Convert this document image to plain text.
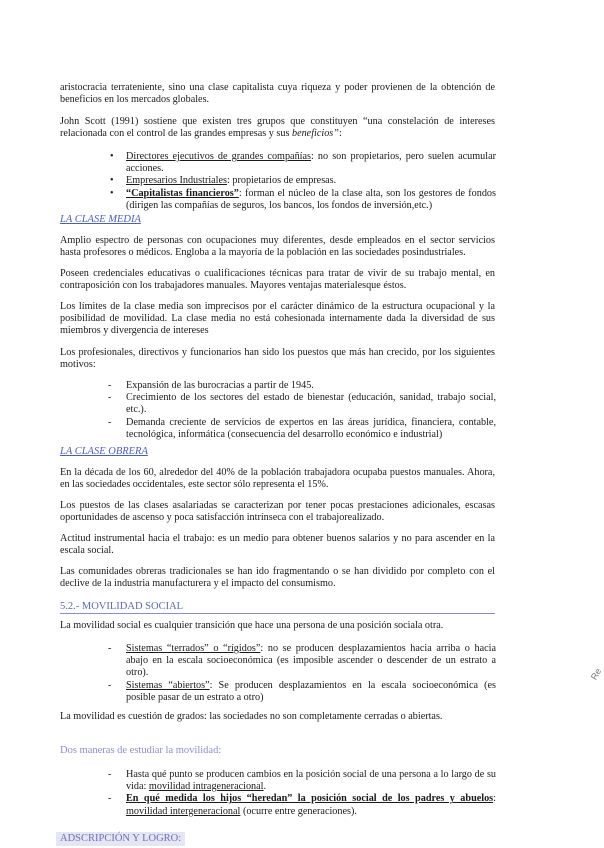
aristocracia terrateniente, sino una clase capitalista cuya riqueza y poder provienen de la obtención de beneficios en los mercados globales.

John Scott (1991) sostiene que existen tres grupos que constituyen “una constelación de intereses relacionada con el control de las grandes empresas y sus beneficios”:

• Directores ejecutivos de grandes compañías: no son propietarios, pero suelen acumular acciones.
• Empresarios Industriales: propietarios de empresas.
• “Capitalistas financieros”: forman el núcleo de la clase alta, son los gestores de fondos (dirigen las compañías de seguros, los bancos, los fondos de inversión,etc.)

LA CLASE MEDIA

Amplio espectro de personas con ocupaciones muy diferentes, desde empleados en el sector servicios hasta profesores o médicos. Engloba a la mayoría de la población en las sociedades posindustriales.

Poseen credenciales educativas o cualificaciones técnicas para tratar de vivir de su trabajo mental, en contraposición con los trabajadores manuales. Mayores ventajas materialesque éstos.

Los límites de la clase media son imprecisos por el carácter dinámico de la estructura ocupacional y la posibilidad de movilidad. La clase media no está cohesionada internamente dada la diversidad de sus miembros y divergencia de intereses

Los profesionales, directivos y funcionarios han sido los puestos que más han crecido, por los siguientes motivos:

- Expansión de las burocracias a partir de 1945.
- Crecimiento de los sectores del estado de bienestar (educación, sanidad, trabajo social, etc.).
- Demanda creciente de servicios de expertos en las áreas jurídica, financiera, contable, tecnológica, informática (consecuencia del desarrollo económico e industrial)

LA CLASE OBRERA

En la década de los 60, alrededor del 40% de la población trabajadora ocupaba puestos manuales. Ahora, en las sociedades occidentales, este sector sólo representa el 15%.

Los puestos de las clases asalariadas se caracterizan por tener pocas prestaciones adicionales, escasas oportunidades de ascenso y poca satisfacción intrínseca con el trabajorealizado.

Actitud instrumental hacia el trabajo: es un medio para obtener buenos salarios y no para ascender en la escala social.

Las comunidades obreras tradicionales se han ido fragmentando o se han dividido por completo con el declive de la industria manufacturera y el impacto del consumismo.

5.2.- MOVILIDAD SOCIAL

La movilidad social es cualquier transición que hace una persona de una posición sociala otra.

- Sistemas “terrados” o “rígidos”: no se producen desplazamientos hacia arriba o hacia abajo en la escala socioeconómica (es imposible ascender o descender de un estrato a otro).
- Sistemas “abiertos”: Se producen desplazamientos en la escala socioeconómica (es posible pasar de un estrato a otro)

La movilidad es cuestión de grados: las sociedades no son completamente cerradas o abiertas.

Dos maneras de estudiar la movilidad:

- Hasta qué punto se producen cambios en la posición social de una persona a lo largo de su vida: movilidad intrageneracional.
- En qué medida los hijos “heredan” la posición social de los padres y abuelos: movilidad intergeneracional (ocurre entre generaciones).

ADSCRIPCIÓN Y LOGRO:

Re
